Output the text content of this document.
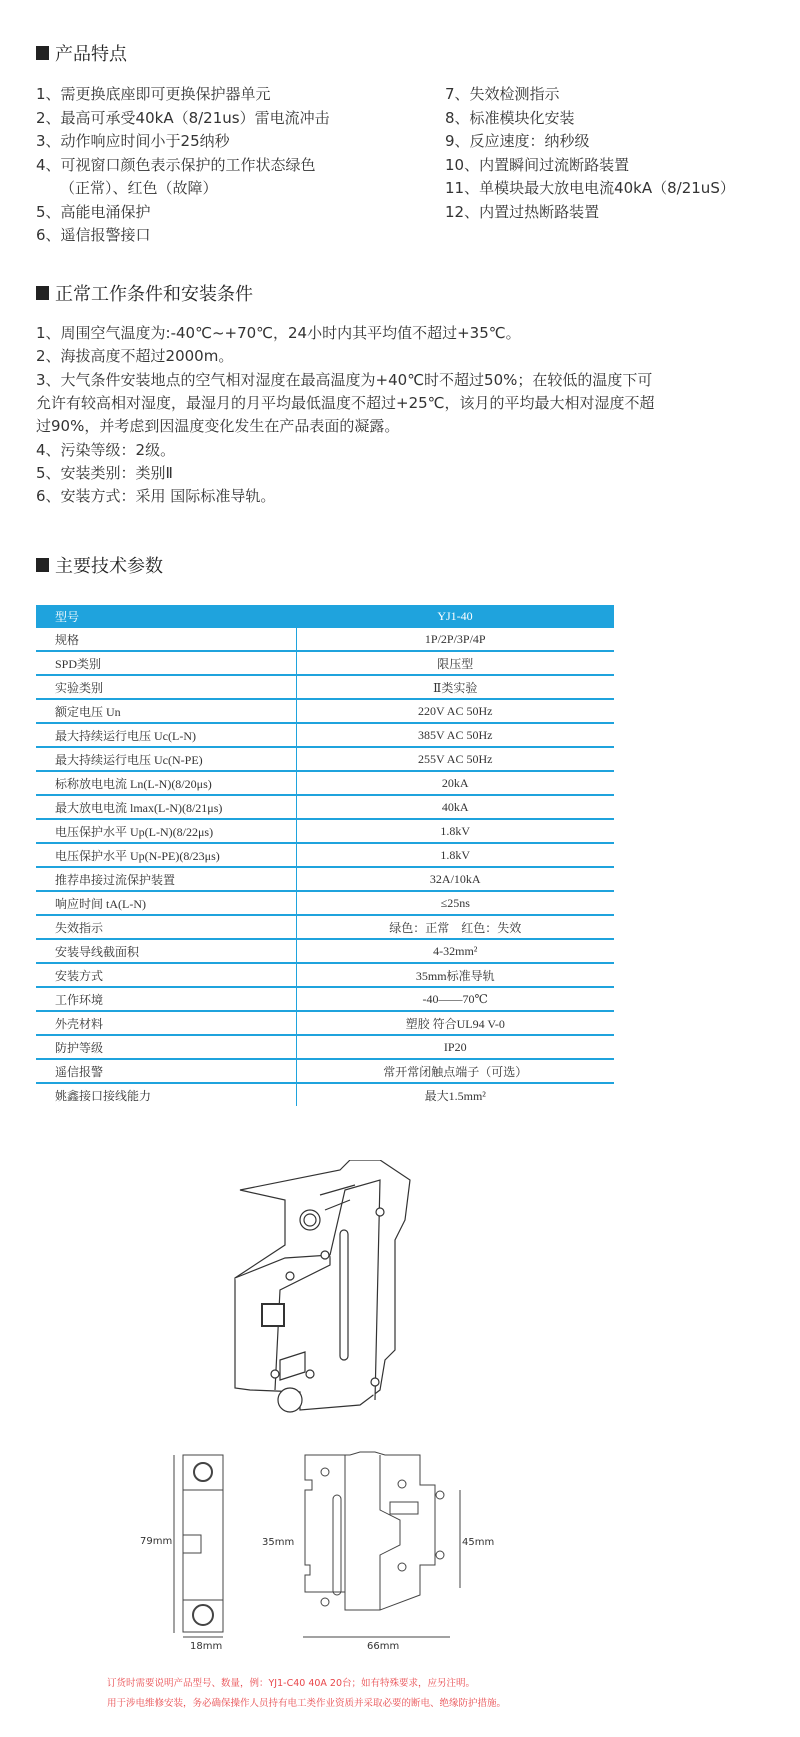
产品特点
正常工作条件和安装条件
主要技术参数
型号	YJ1-40
规格	1P/2P/3P/4P
SPD类别	限压型
实验类别	Ⅱ类实验
额定电压 Un	220V AC 50Hz
最大持续运行电压 Uc(L-N)	385V AC 50Hz
最大持续运行电压 Uc(N-PE)	255V AC 50Hz
标称放电电流 Ln(L-N)(8/20μs)	20kA
最大放电电流 lmax(L-N)(8/21μs)	40kA
电压保护水平 Up(L-N)(8/22μs)	1.8kV
电压保护水平 Up(N-PE)(8/23μs)	1.8kV
推荐串接过流保护装置	32A/10kA
响应时间 tA(L-N)	≤25ns
失效指示	绿色：正常　红色：失效
安装导线截面积	4-32mm²
安装方式	35mm标准导轨
工作环境	-40——70℃
外壳材料	塑胶 符合UL94 V-0
防护等级	IP20
遥信报警	常开常闭触点端子（可选）
姚鑫接口接线能力	最大1.5mm²
79mm
18mm
35mm	45mm
66mm
订货时需要说明产品型号、数量，例：YJ1-C40 40A 20台；如有特殊要求，应另注明。
用于涉电维修安装，务必确保操作人员持有电工类作业资质并采取必要的断电、绝缘防护措施。
1、需更换底座即可更换保护器单元
2、最高可承受40kA（8/21us）雷电流冲击
3、动作响应时间小于25纳秒
4、可视窗口颜色表示保护的工作状态绿色
（正常）、红色（故障）
5、高能电涌保护
6、遥信报警接口
7、失效检测指示
8、标准模块化安装
9、反应速度：纳秒级
10、内置瞬间过流断路装置
11、单模块最大放电电流40kA（8/21uS）
12、内置过热断路装置
1、周围空气温度为:-40℃~+70℃，24小时内其平均值不超过+35℃。
2、海拔高度不超过2000m。
3、大气条件安装地点的空气相对湿度在最高温度为+40℃时不超过50%；在较低的温度下可
允许有较高相对湿度，最湿月的月平均最低温度不超过+25℃，该月的平均最大相对湿度不超
过90%，并考虑到因温度变化发生在产品表面的凝露。
4、污染等级：2级。
5、安装类别：类别Ⅱ
6、安装方式：采用 国际标准导轨。
